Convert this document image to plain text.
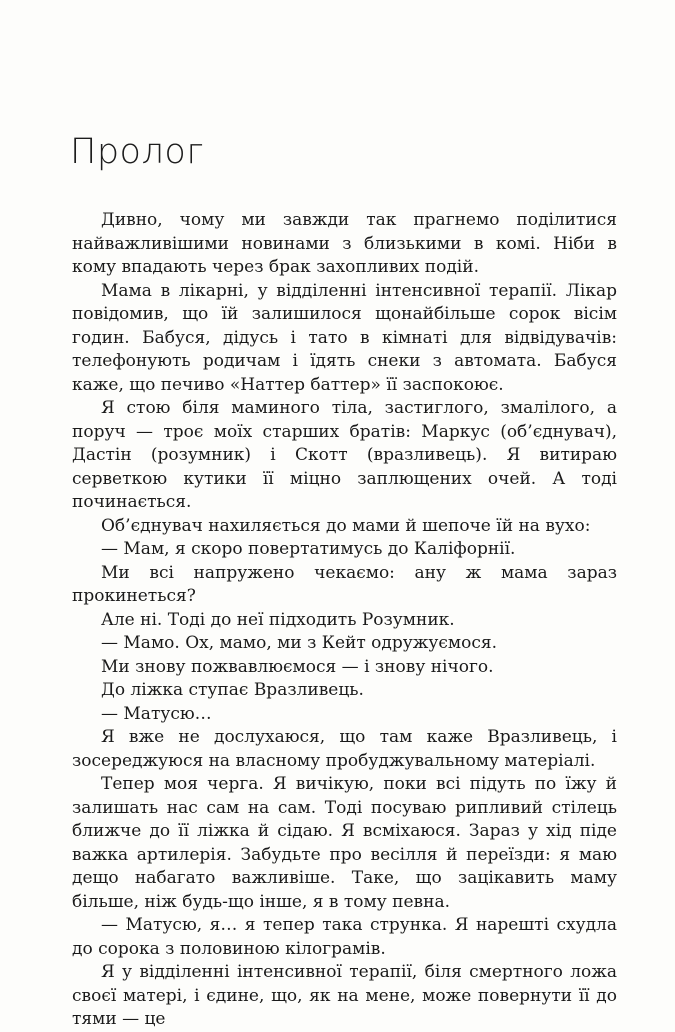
Пролог

Дивно, чому ми завжди так прагнемо поділитися найважливішими новинами з близькими в комі. Ніби в кому впадають через брак захопливих подій.

Мама в лікарні, у відділенні інтенсивної терапії. Лікар повідомив, що їй залишилося щонайбільше сорок вісім годин. Бабуся, дідусь і тато в кімнаті для відвідувачів: телефонують родичам і їдять снеки з автомата. Бабуся каже, що печиво «Наттер баттер» її заспокоює.

Я стою біля маминого тіла, застиглого, змалілого, а поруч — троє моїх старших братів: Маркус (об’єднувач), Дастін (розумник) і Скотт (вразливець). Я витираю серветкою кутики її міцно заплющених очей. А тоді починається.

Об’єднувач нахиляється до мами й шепоче їй на вухо:

— Мам, я скоро повертатимусь до Каліфорнії.

Ми всі напружено чекаємо: ану ж мама зараз прокинеться?

Але ні. Тоді до неї підходить Розумник.

— Мамо. Ох, мамо, ми з Кейт одружуємося.

Ми знову пожвавлюємося — і знову нічого.

До ліжка ступає Вразливець.

— Матусю…

Я вже не дослухаюся, що там каже Вразливець, і зосереджуюся на власному пробуджувальному матеріалі.

Тепер моя черга. Я вичікую, поки всі підуть по їжу й залишать нас сам на сам. Тоді посуваю рипливий стілець ближче до її ліжка й сідаю. Я всміхаюся. Зараз у хід піде важка артилерія. Забудьте про весілля й переїзди: я маю дещо набагато важливіше. Таке, що зацікавить маму більше, ніж будь-що інше, я в тому певна.

— Матусю, я… я тепер така струнка. Я нарешті схудла до сорока з половиною кілограмів.

Я у відділенні інтенсивної терапії, біля смертного ложа своєї матері, і єдине, що, як на мене, може повернути її до тями — це
